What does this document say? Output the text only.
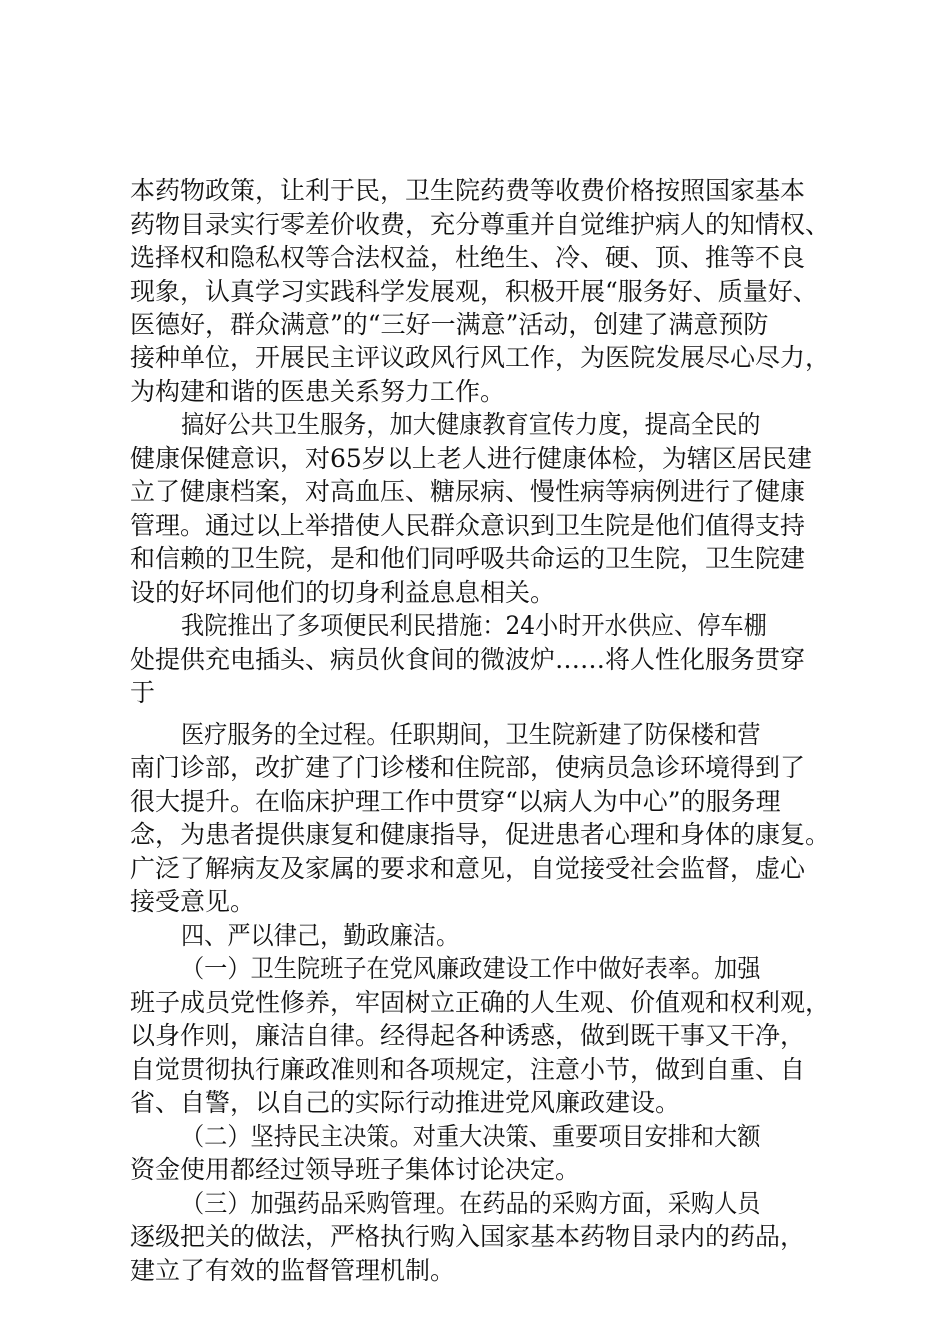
本药物政策，让利于民，卫生院药费等收费价格按照国家基本
药物目录实行零差价收费，充分尊重并自觉维护病人的知情权、
选择权和隐私权等合法权益，杜绝生、冷、硬、顶、推等不良
现象，认真学习实践科学发展观，积极开展“服务好、质量好、
医德好，群众满意”的“三好一满意”活动，创建了满意预防
接种单位，开展民主评议政风行风工作，为医院发展尽心尽力，
为构建和谐的医患关系努力工作。
搞好公共卫生服务，加大健康教育宣传力度，提高全民的
健康保健意识，对65岁以上老人进行健康体检，为辖区居民建
立了健康档案，对高血压、糖尿病、慢性病等病例进行了健康
管理。通过以上举措使人民群众意识到卫生院是他们值得支持
和信赖的卫生院，是和他们同呼吸共命运的卫生院，卫生院建
设的好坏同他们的切身利益息息相关。
我院推出了多项便民利民措施：24小时开水供应、停车棚
处提供充电插头、病员伙食间的微波炉……将人性化服务贯穿
于
医疗服务的全过程。任职期间，卫生院新建了防保楼和营
南门诊部，改扩建了门诊楼和住院部，使病员急诊环境得到了
很大提升。在临床护理工作中贯穿“以病人为中心”的服务理
念，为患者提供康复和健康指导，促进患者心理和身体的康复。
广泛了解病友及家属的要求和意见，自觉接受社会监督，虚心
接受意见。
四、严以律己，勤政廉洁。
（一）卫生院班子在党风廉政建设工作中做好表率。加强
班子成员党性修养，牢固树立正确的人生观、价值观和权利观，
以身作则，廉洁自律。经得起各种诱惑，做到既干事又干净，
自觉贯彻执行廉政准则和各项规定，注意小节，做到自重、自
省、自警，以自己的实际行动推进党风廉政建设。
（二）坚持民主决策。对重大决策、重要项目安排和大额
资金使用都经过领导班子集体讨论决定。
（三）加强药品采购管理。在药品的采购方面，采购人员
逐级把关的做法，严格执行购入国家基本药物目录内的药品，
建立了有效的监督管理机制。
